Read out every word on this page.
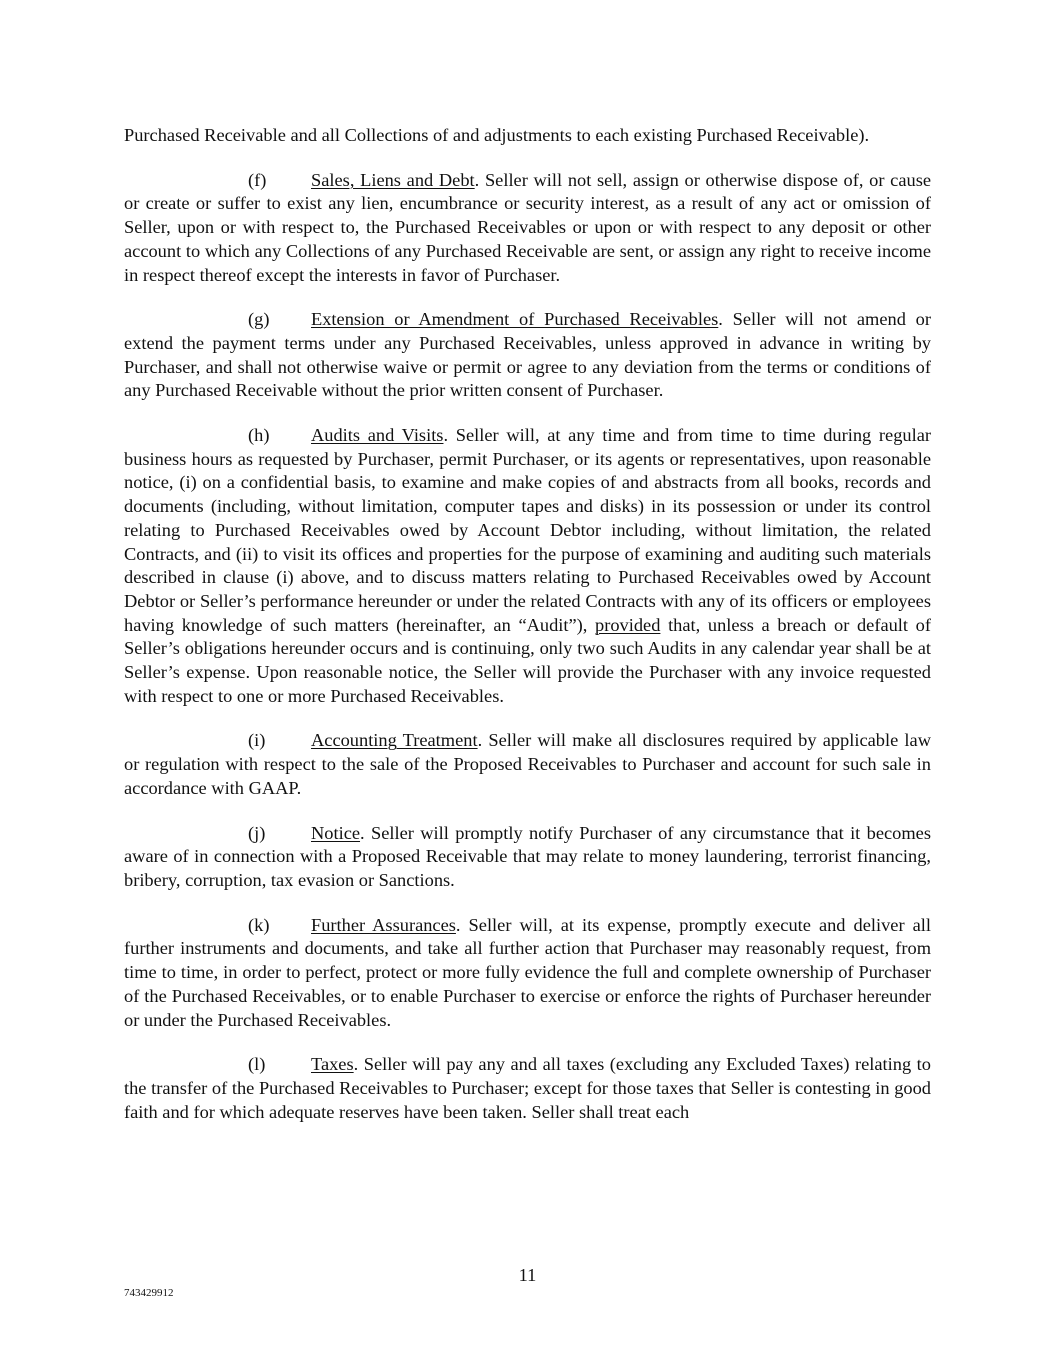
Purchased Receivable and all Collections of and adjustments to each existing Purchased Receivable).

(f) Sales, Liens and Debt. Seller will not sell, assign or otherwise dispose of, or cause or create or suffer to exist any lien, encumbrance or security interest, as a result of any act or omission of Seller, upon or with respect to, the Purchased Receivables or upon or with respect to any deposit or other account to which any Collections of any Purchased Receivable are sent, or assign any right to receive income in respect thereof except the interests in favor of Purchaser.

(g) Extension or Amendment of Purchased Receivables. Seller will not amend or extend the payment terms under any Purchased Receivables, unless approved in advance in writing by Purchaser, and shall not otherwise waive or permit or agree to any deviation from the terms or conditions of any Purchased Receivable without the prior written consent of Purchaser.

(h) Audits and Visits. Seller will, at any time and from time to time during regular business hours as requested by Purchaser, permit Purchaser, or its agents or representatives, upon reasonable notice, (i) on a confidential basis, to examine and make copies of and abstracts from all books, records and documents (including, without limitation, computer tapes and disks) in its possession or under its control relating to Purchased Receivables owed by Account Debtor including, without limitation, the related Contracts, and (ii) to visit its offices and properties for the purpose of examining and auditing such materials described in clause (i) above, and to discuss matters relating to Purchased Receivables owed by Account Debtor or Seller’s performance hereunder or under the related Contracts with any of its officers or employees having knowledge of such matters (hereinafter, an “Audit”), provided that, unless a breach or default of Seller’s obligations hereunder occurs and is continuing, only two such Audits in any calendar year shall be at Seller’s expense. Upon reasonable notice, the Seller will provide the Purchaser with any invoice requested with respect to one or more Purchased Receivables.

(i) Accounting Treatment. Seller will make all disclosures required by applicable law or regulation with respect to the sale of the Proposed Receivables to Purchaser and account for such sale in accordance with GAAP.

(j) Notice. Seller will promptly notify Purchaser of any circumstance that it becomes aware of in connection with a Proposed Receivable that may relate to money laundering, terrorist financing, bribery, corruption, tax evasion or Sanctions.

(k) Further Assurances. Seller will, at its expense, promptly execute and deliver all further instruments and documents, and take all further action that Purchaser may reasonably request, from time to time, in order to perfect, protect or more fully evidence the full and complete ownership of Purchaser of the Purchased Receivables, or to enable Purchaser to exercise or enforce the rights of Purchaser hereunder or under the Purchased Receivables.

(l) Taxes. Seller will pay any and all taxes (excluding any Excluded Taxes) relating to the transfer of the Purchased Receivables to Purchaser; except for those taxes that Seller is contesting in good faith and for which adequate reserves have been taken. Seller shall treat each

11
743429912
